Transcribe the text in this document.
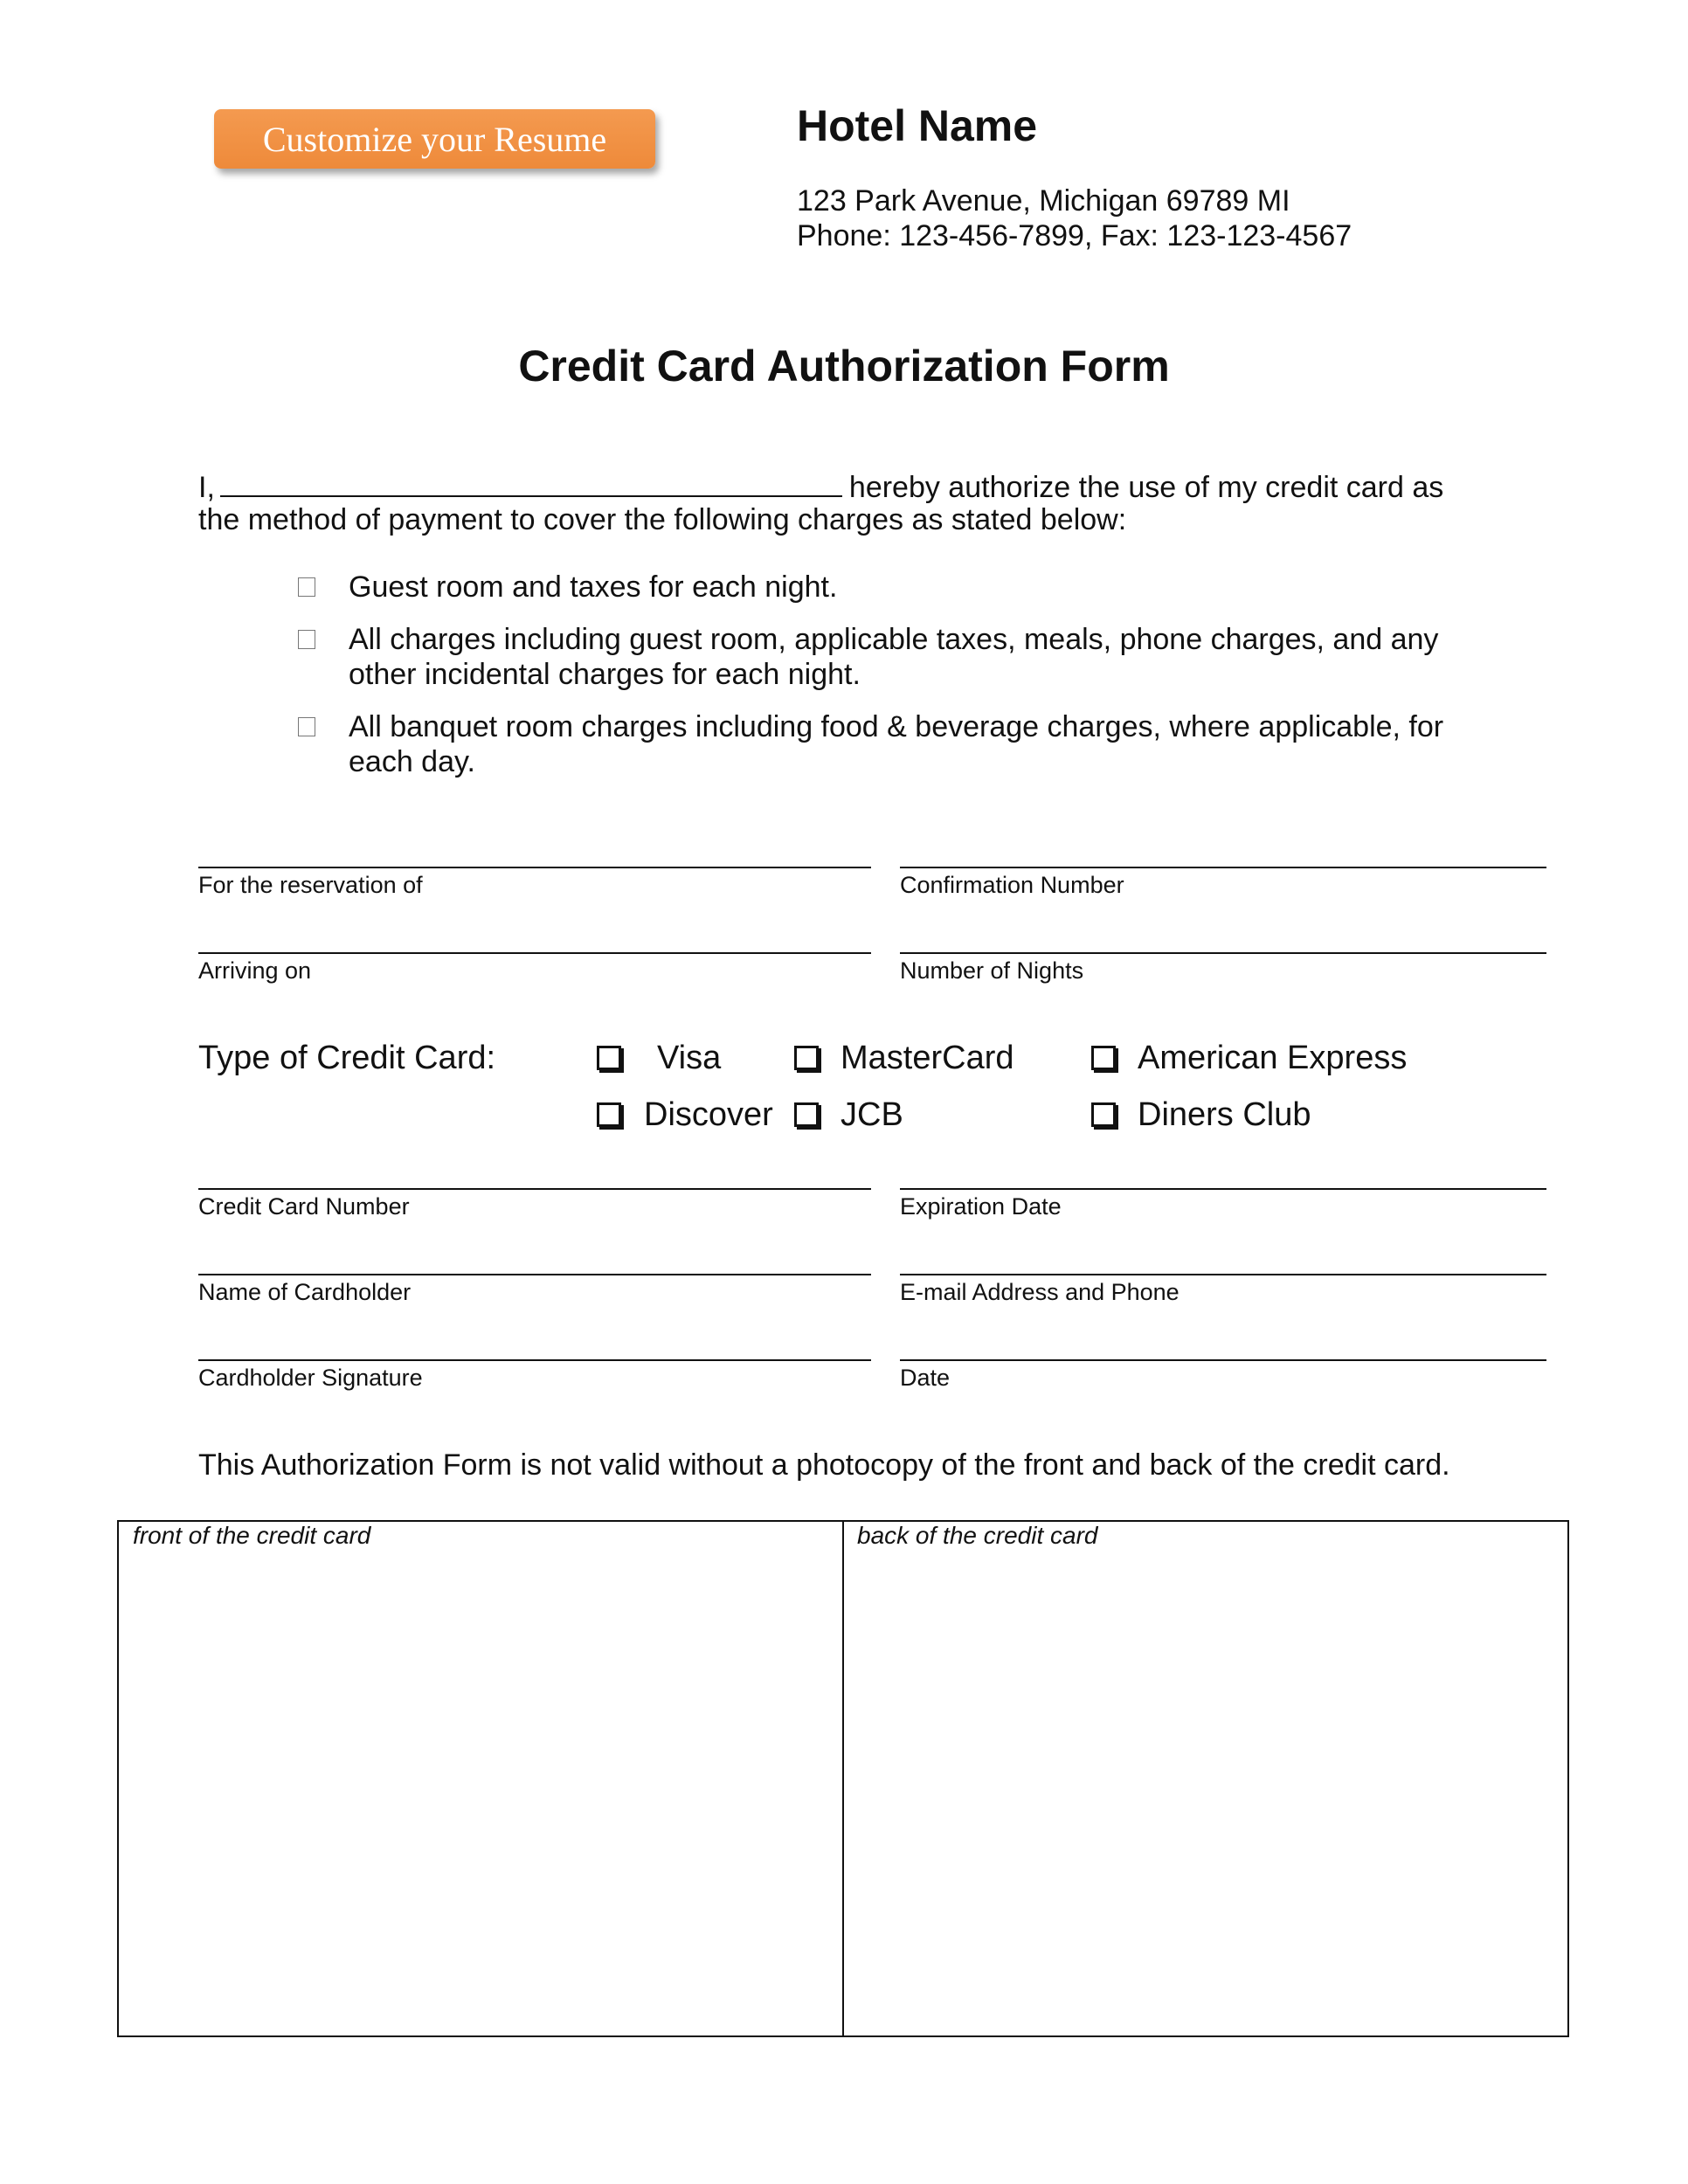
Customize your Resume	Hotel Name
123 Park Avenue, Michigan 69789 MI
Phone: 123-456-7899, Fax: 123-123-4567
Credit Card Authorization Form
I,	hereby authorize the use of my credit card as
the method of payment to cover the following charges as stated below:
Guest room and taxes for each night.
All charges including guest room, applicable taxes, meals, phone charges, and any
other incidental charges for each night.
All banquet room charges including food & beverage charges, where applicable, for
each day.
For the reservation of	Confirmation Number
Arriving on	Number of Nights
Type of Credit Card:	Visa	MasterCard	American Express
Discover JCB	Diners Club
Credit Card Number	Expiration Date
Name of Cardholder	E-mail Address and Phone
Cardholder Signature	Date
This Authorization Form is not valid without a photocopy of the front and back of the credit card.
front of the credit card	back of the credit card
